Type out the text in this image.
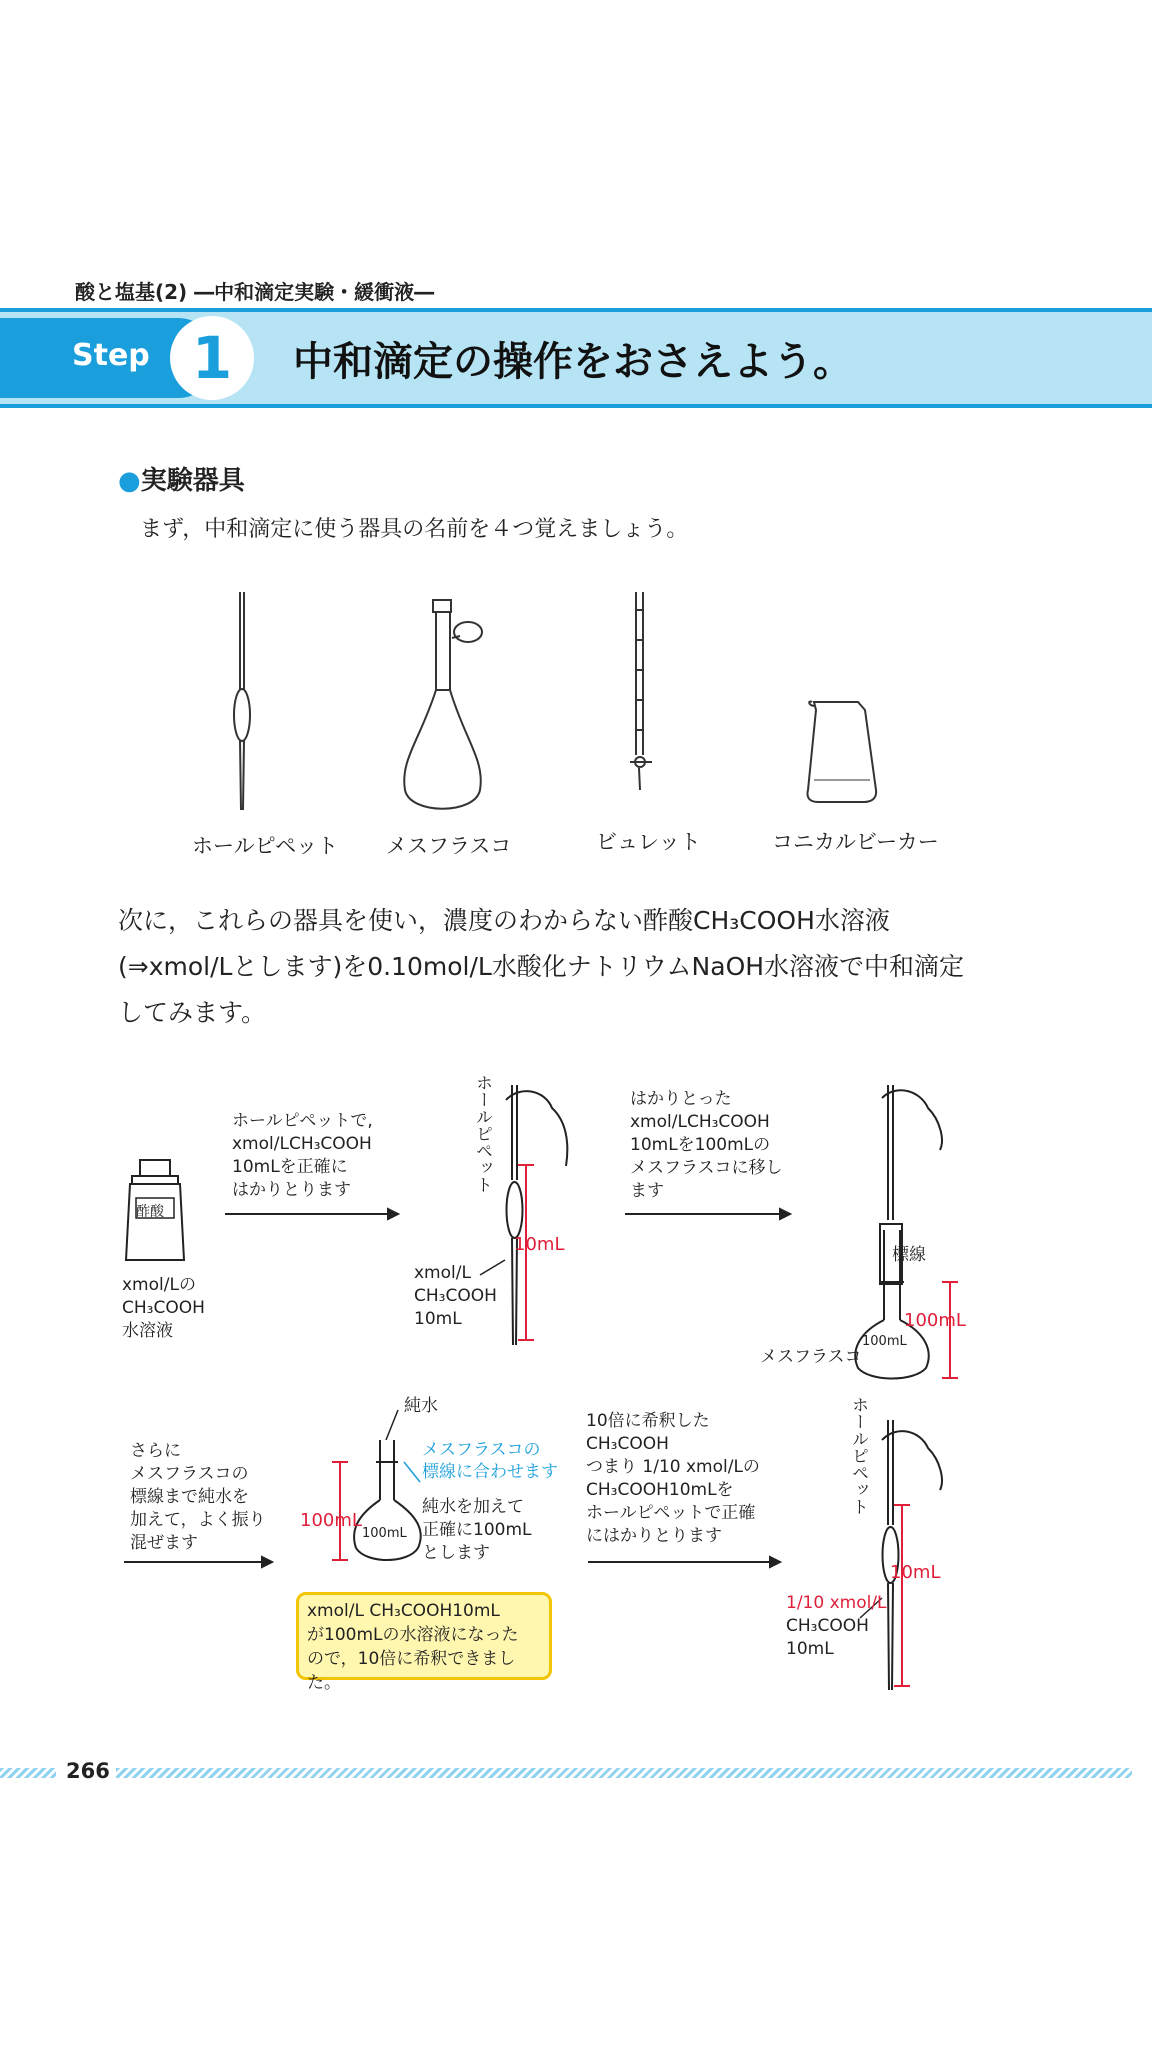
酸と塩基(2) ―中和滴定実験・緩衝液―
Step 1	中和滴定の操作をおさえよう。
●実験器具
まず，中和滴定に使う器具の名前を４つ覚えましょう。
ホールピペット メスフラスコ	ビュレット	コニカルビーカー
次に，これらの器具を使い，濃度のわからない酢酸CH₃COOH水溶液
(⇒xmol/Lとします)を0.10mol/L水酸化ナトリウムNaOH水溶液で中和滴定
してみます。
酢酸
xmol/Lの
CH₃COOH
水溶液
ホールピペットで,
xmol/LCH₃COOH
10mLを正確に
はかりとります	ホールピペット
xmol/L
CH₃COOH
10mL
10mL
はかりとった
xmol/LCH₃COOH
10mLを100mLの
メスフラスコに移し
ます
標線
100mL
100mL
メスフラスコ
さらに
メスフラスコの
標線まで純水を
加えて，よく振り
混ぜます
純水
メスフラスコの
標線に合わせます
100mL
100mL
純水を加えて
正確に100mL
とします
xmol/L CH₃COOH10mL
が100mLの水溶液になった
ので，10倍に希釈できました。
10倍に希釈した
CH₃COOH
つまり 1/10 xmol/Lの
CH₃COOH10mLを
ホールピペットで正確
にはかりとります
ホールピペット
1/10 xmol/L
CH₃COOH
10mL
10mL
266
